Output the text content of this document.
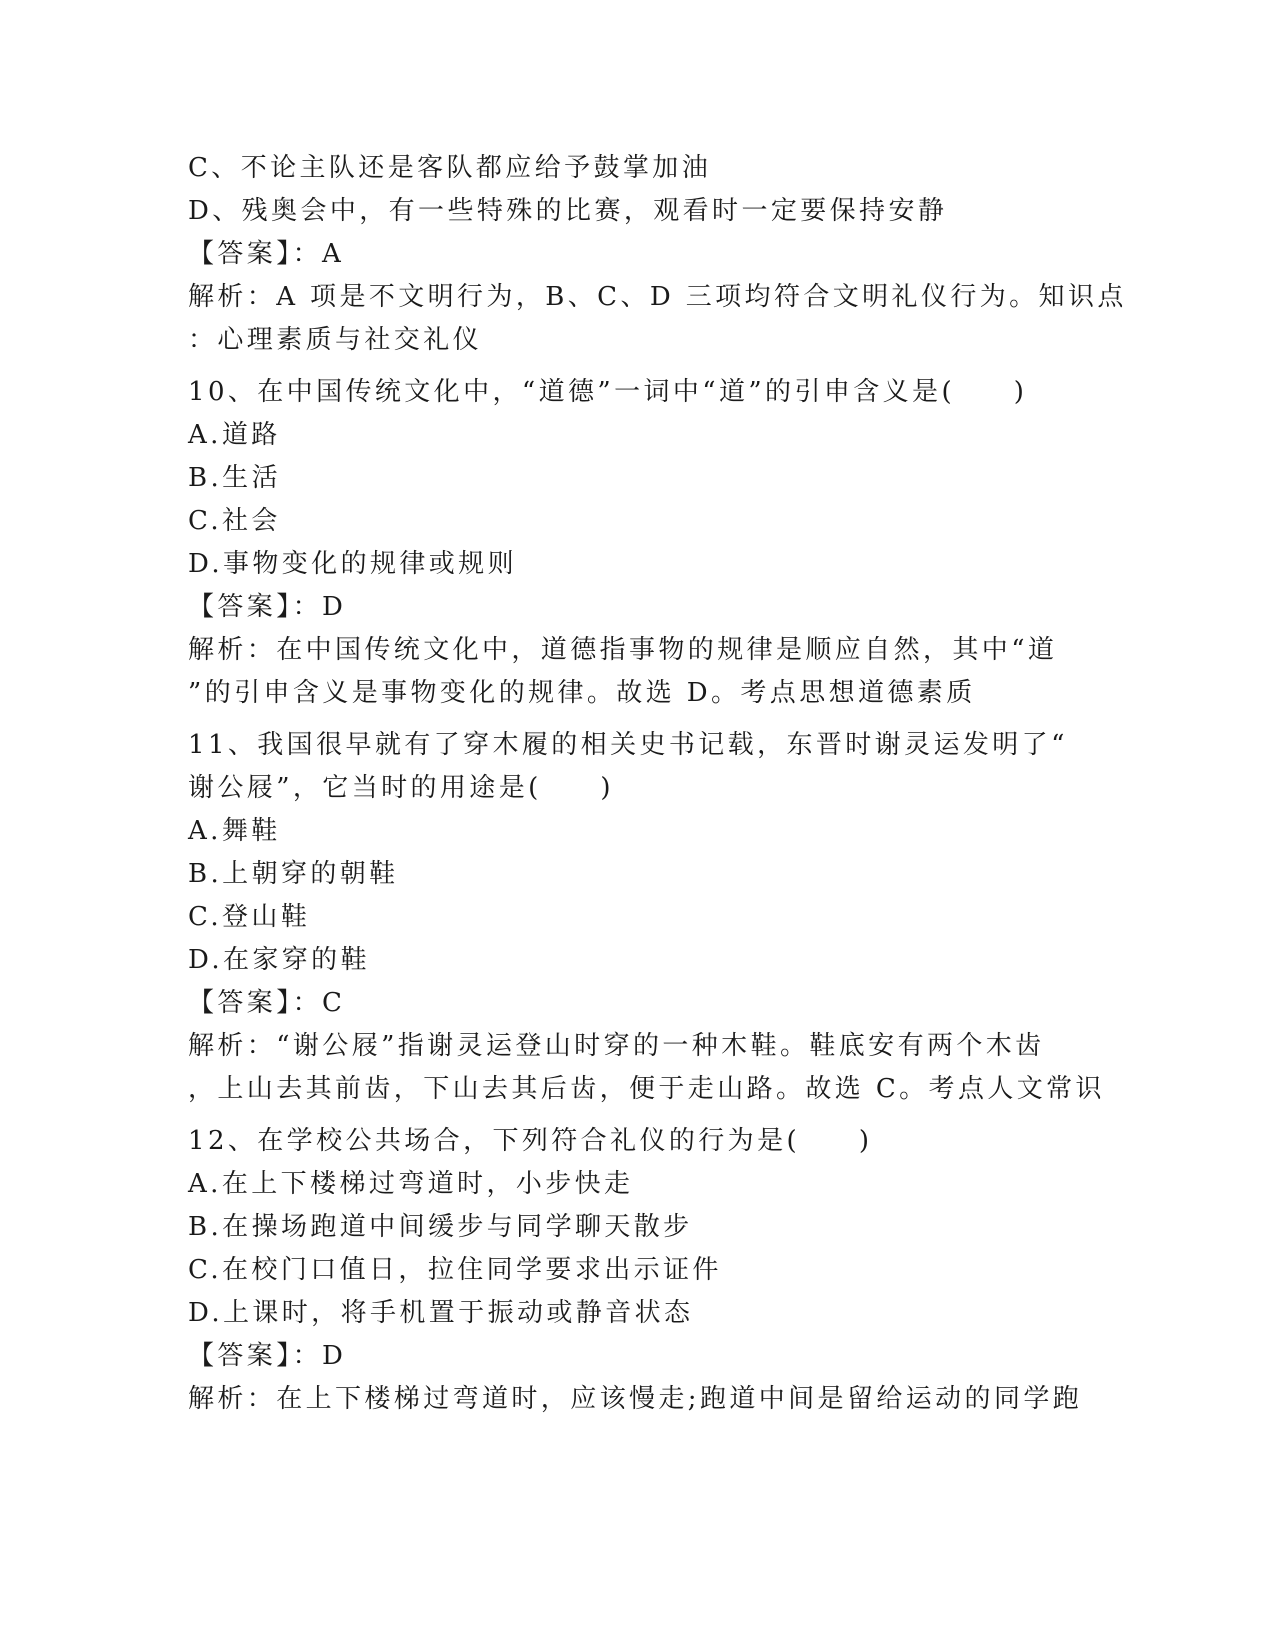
C、不论主队还是客队都应给予鼓掌加油
D、残奥会中，有一些特殊的比赛，观看时一定要保持安静
【答案】：A
解析：A 项是不文明行为，B、C、D 三项均符合文明礼仪行为。知识点
：心理素质与社交礼仪
10、在中国传统文化中，“道德”一词中“道”的引申含义是(　　)
A.道路
B.生活
C.社会
D.事物变化的规律或规则
【答案】：D
解析：在中国传统文化中，道德指事物的规律是顺应自然，其中“道
”的引申含义是事物变化的规律。故选 D。考点思想道德素质
11、我国很早就有了穿木履的相关史书记载，东晋时谢灵运发明了“
谢公屐”，它当时的用途是(　　)
A.舞鞋
B.上朝穿的朝鞋
C.登山鞋
D.在家穿的鞋
【答案】：C
解析：“谢公屐”指谢灵运登山时穿的一种木鞋。鞋底安有两个木齿
，上山去其前齿，下山去其后齿，便于走山路。故选 C。考点人文常识
12、在学校公共场合，下列符合礼仪的行为是(　　)
A.在上下楼梯过弯道时，小步快走
B.在操场跑道中间缓步与同学聊天散步
C.在校门口值日，拉住同学要求出示证件
D.上课时，将手机置于振动或静音状态
【答案】：D
解析：在上下楼梯过弯道时，应该慢走;跑道中间是留给运动的同学跑
